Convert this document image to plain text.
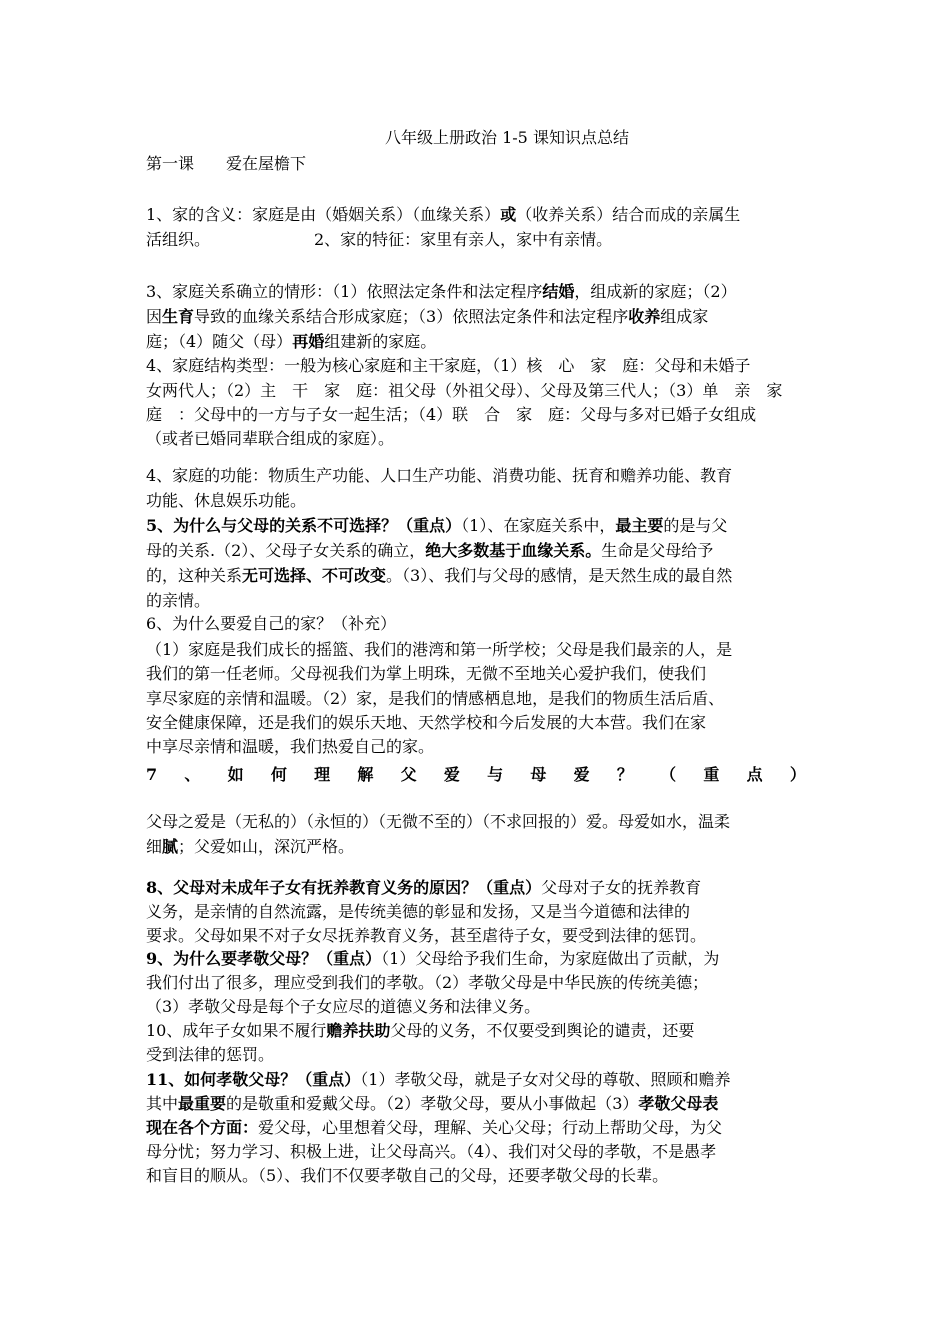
八年级上册政治 1-5 课知识点总结
第一课　　爱在屋檐下
1、家的含义：家庭是由（婚姻关系）（血缘关系）或（收养关系）结合而成的亲属生
活组织。　　　　　　　2、家的特征：家里有亲人，家中有亲情。
3、家庭关系确立的情形：（1）依照法定条件和法定程序结婚，组成新的家庭；（2）
因生育导致的血缘关系结合形成家庭；（3）依照法定条件和法定程序收养组成家
庭；（4）随父（母）再婚组建新的家庭。
4、家庭结构类型：一般为核心家庭和主干家庭，（1）核　心　家　庭：父母和未婚子
女两代人；（2）主　干　家　庭：祖父母（外祖父母）、父母及第三代人；（3）单　亲　家
庭　：父母中的一方与子女一起生活；（4）联　合　家　庭：父母与多对已婚子女组成
（或者已婚同辈联合组成的家庭）。
4、家庭的功能：物质生产功能、人口生产功能、消费功能、抚育和赡养功能、教育
功能、休息娱乐功能。
5、为什么与父母的关系不可选择？（重点）（1）、在家庭关系中，最主要的是与父
母的关系.（2）、父母子女关系的确立，绝大多数基于血缘关系。生命是父母给予
的，这种关系无可选择、不可改变。（3）、我们与父母的感情，是天然生成的最自然
的亲情。
6、为什么要爱自己的家？（补充）
（1）家庭是我们成长的摇篮、我们的港湾和第一所学校；父母是我们最亲的人，是
我们的第一任老师。父母视我们为掌上明珠，无微不至地关心爱护我们，使我们
享尽家庭的亲情和温暖。（2）家，是我们的情感栖息地，是我们的物质生活后盾、
安全健康保障，还是我们的娱乐天地、天然学校和今后发展的大本营。我们在家
中享尽亲情和温暖，我们热爱自己的家。
7 、 如 何 理 解 父 爱 与 母 爱 ？ （ 重 点 ）
父母之爱是（无私的）（永恒的）（无微不至的）（不求回报的）爱。母爱如水，温柔
细腻；父爱如山，深沉严格。
8、父母对未成年子女有抚养教育义务的原因？（重点）父母对子女的抚养教育
义务，是亲情的自然流露，是传统美德的彰显和发扬，又是当今道德和法律的
要求。父母如果不对子女尽抚养教育义务，甚至虐待子女，要受到法律的惩罚。
9、为什么要孝敬父母？（重点）（1）父母给予我们生命，为家庭做出了贡献，为
我们付出了很多，理应受到我们的孝敬。（2）孝敬父母是中华民族的传统美德；
（3）孝敬父母是每个子女应尽的道德义务和法律义务。
10、成年子女如果不履行赡养扶助父母的义务，不仅要受到舆论的谴责，还要
受到法律的惩罚。
11、如何孝敬父母？（重点）（1）孝敬父母，就是子女对父母的尊敬、照顾和赡养
其中最重要的是敬重和爱戴父母。（2）孝敬父母，要从小事做起（3）孝敬父母表
现在各个方面：爱父母，心里想着父母，理解、关心父母；行动上帮助父母，为父
母分忧；努力学习、积极上进，让父母高兴。（4）、我们对父母的孝敬，不是愚孝
和盲目的顺从。（5）、我们不仅要孝敬自己的父母，还要孝敬父母的长辈。
